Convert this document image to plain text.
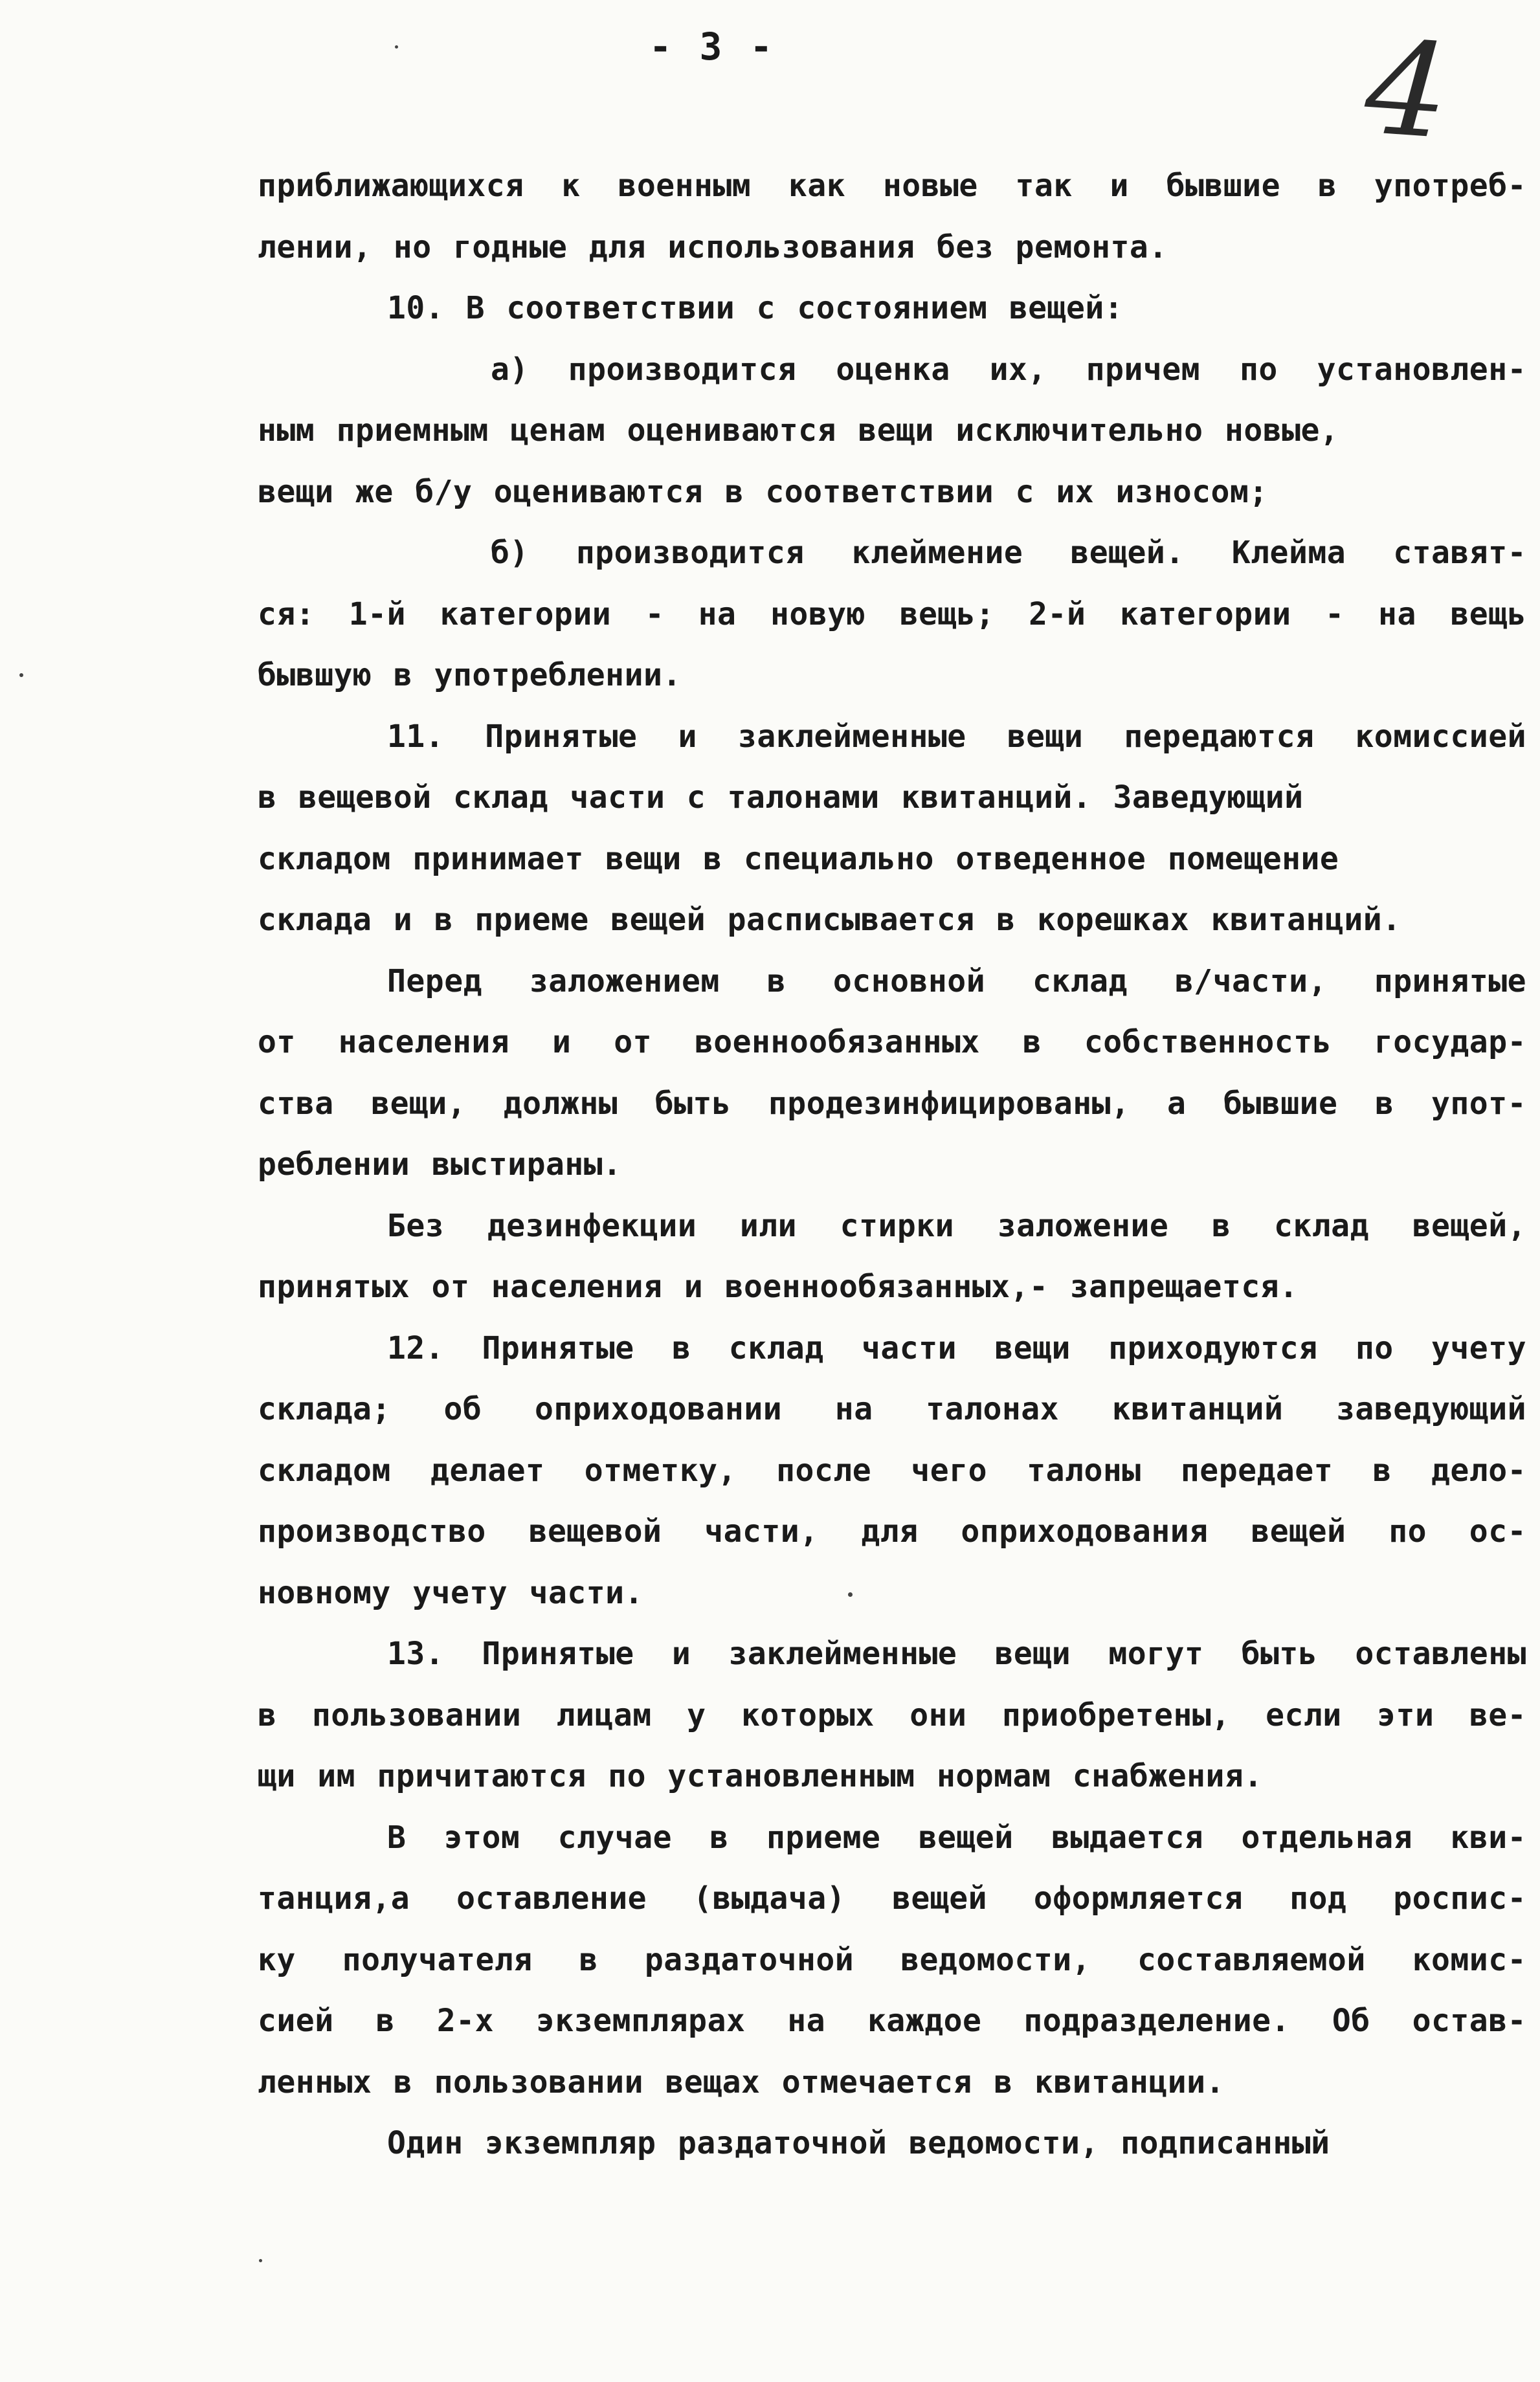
- 3 -	4
приближающихся к военным как новые так и бывшие в употреб-
лении, но годные для использования без ремонта.
10. В соответствии с состоянием вещей:
а) производится оценка их, причем по установлен-
ным приемным ценам оцениваются вещи исключительно новые,
вещи же б/у оцениваются в соответствии с их износом;
б) производится клеймение вещей. Клейма ставят-
ся: 1-й категории - на новую вещь; 2-й категории - на вещь
бывшую в употреблении.
11. Принятые и заклейменные вещи передаются комиссией
в вещевой склад части с талонами квитанций. Заведующий
складом принимает вещи в специально отведенное помещение
склада и в приеме вещей расписывается в корешках квитанций.
Перед заложением в основной склад в/части, принятые
от населения и от военнообязанных в собственность государ-
ства вещи, должны быть продезинфицированы, а бывшие в упот-
реблении выстираны.
Без дезинфекции или стирки заложение в склад вещей,
принятых от населения и военнообязанных,- запрещается.
12. Принятые в склад части вещи приходуются по учету
склада; об оприходовании на талонах квитанций заведующий
складом делает отметку, после чего талоны передает в дело-
производство вещевой части, для оприходования вещей по ос-
новному учету части.
13. Принятые и заклейменные вещи могут быть оставлены
в пользовании лицам у которых они приобретены, если эти ве-
щи им причитаются по установленным нормам снабжения.
В этом случае в приеме вещей выдается отдельная кви-
танция,а оставление (выдача) вещей оформляется под роспис-
ку получателя в раздаточной ведомости, составляемой комис-
сией в 2-х экземплярах на каждое подразделение. Об остав-
ленных в пользовании вещах отмечается в квитанции.
Один экземпляр раздаточной ведомости, подписанный
